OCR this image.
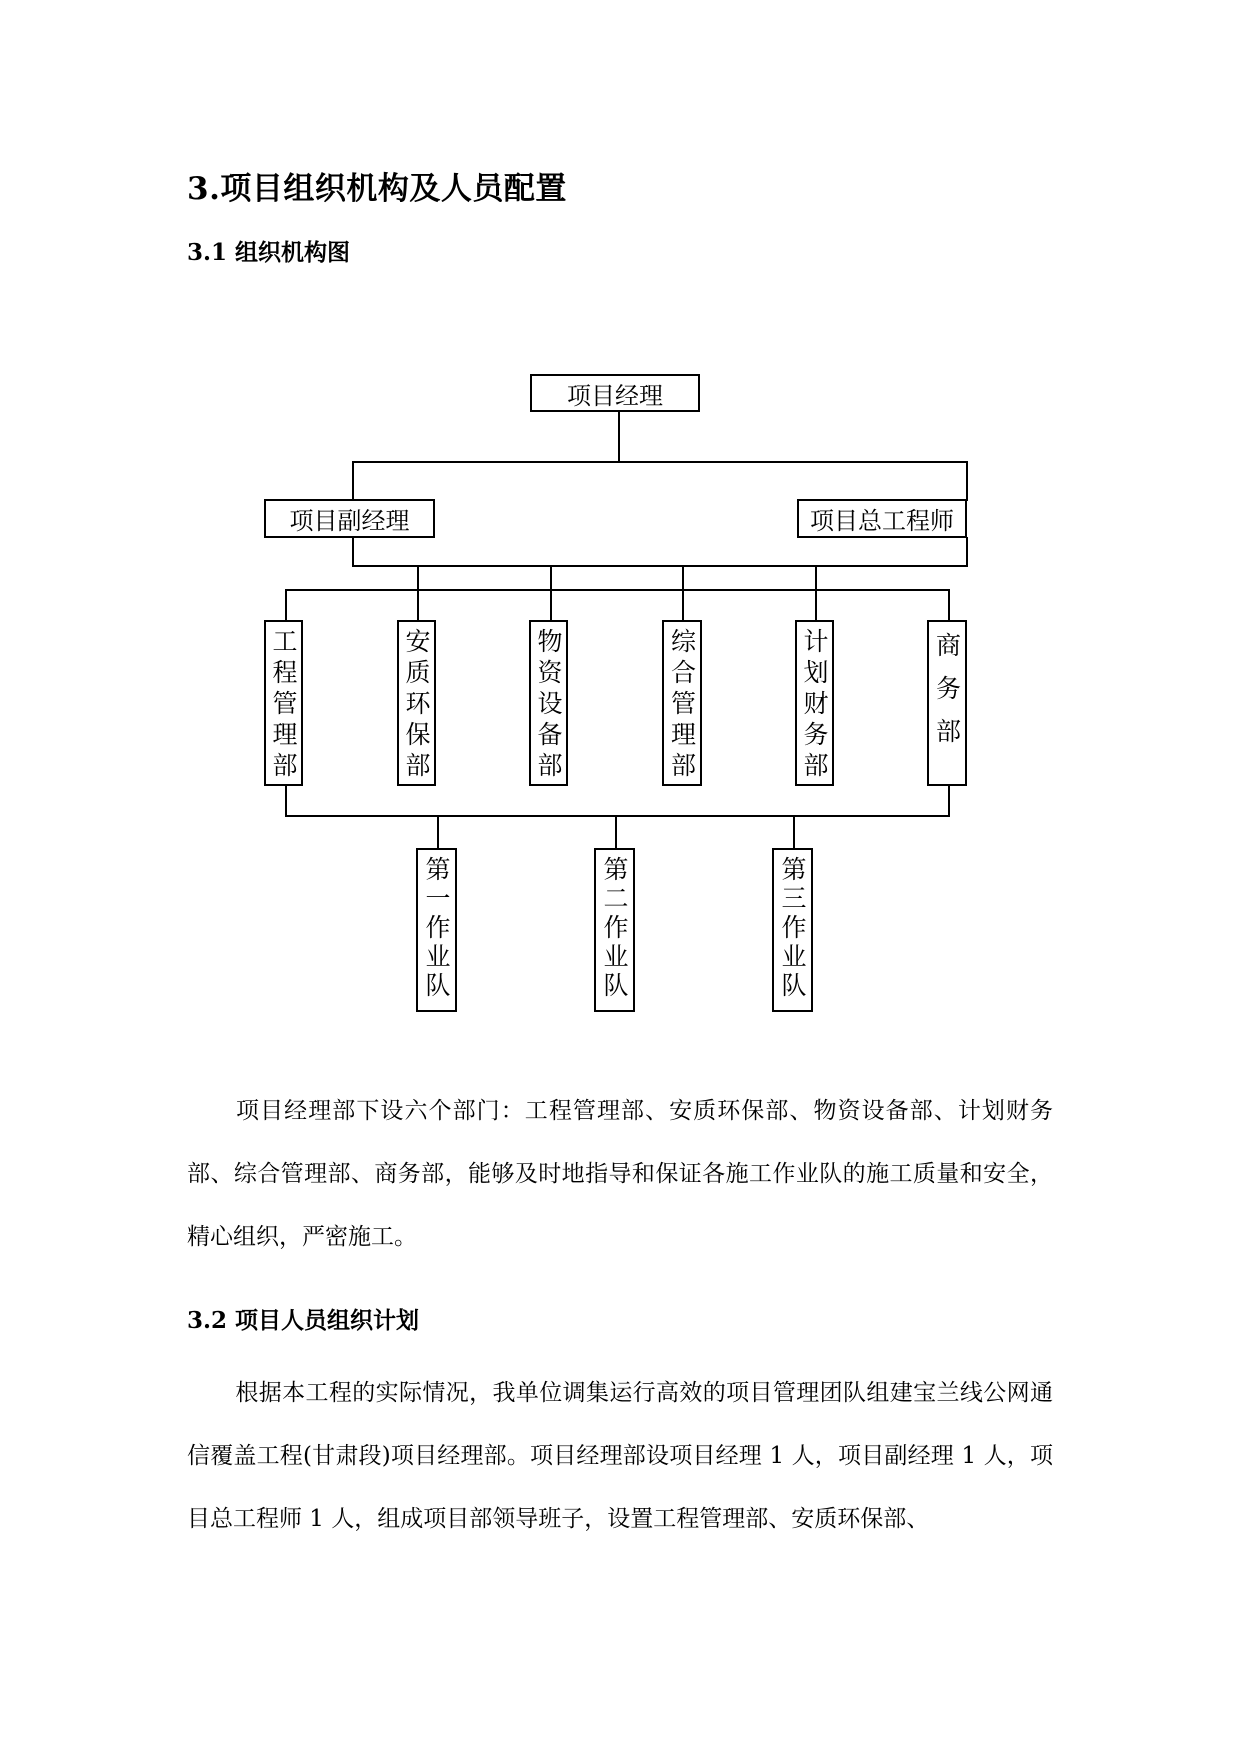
3.项目组织机构及人员配置
3.1 组织机构图
项目经理
项目副经理	项目总工程师
工程管理部	安质环保部	物资设备部	综合管理部	计划财务部	商务部
第一作业队	第二作业队	第三作业队
项目经理部下设六个部门：工程管理部、安质环保部、物资设备部、计划财务部、综合管理部、商务部，能够及时地指导和保证各施工作业队的施工质量和安全，精心组织，严密施工。
3.2 项目人员组织计划
根据本工程的实际情况，我单位调集运行高效的项目管理团队组建宝兰线公网通信覆盖工程(甘肃段)项目经理部。项目经理部设项目经理 1 人，项目副经理 1 人，项目总工程师 1 人，组成项目部领导班子，设置工程管理部、安质环保部、
